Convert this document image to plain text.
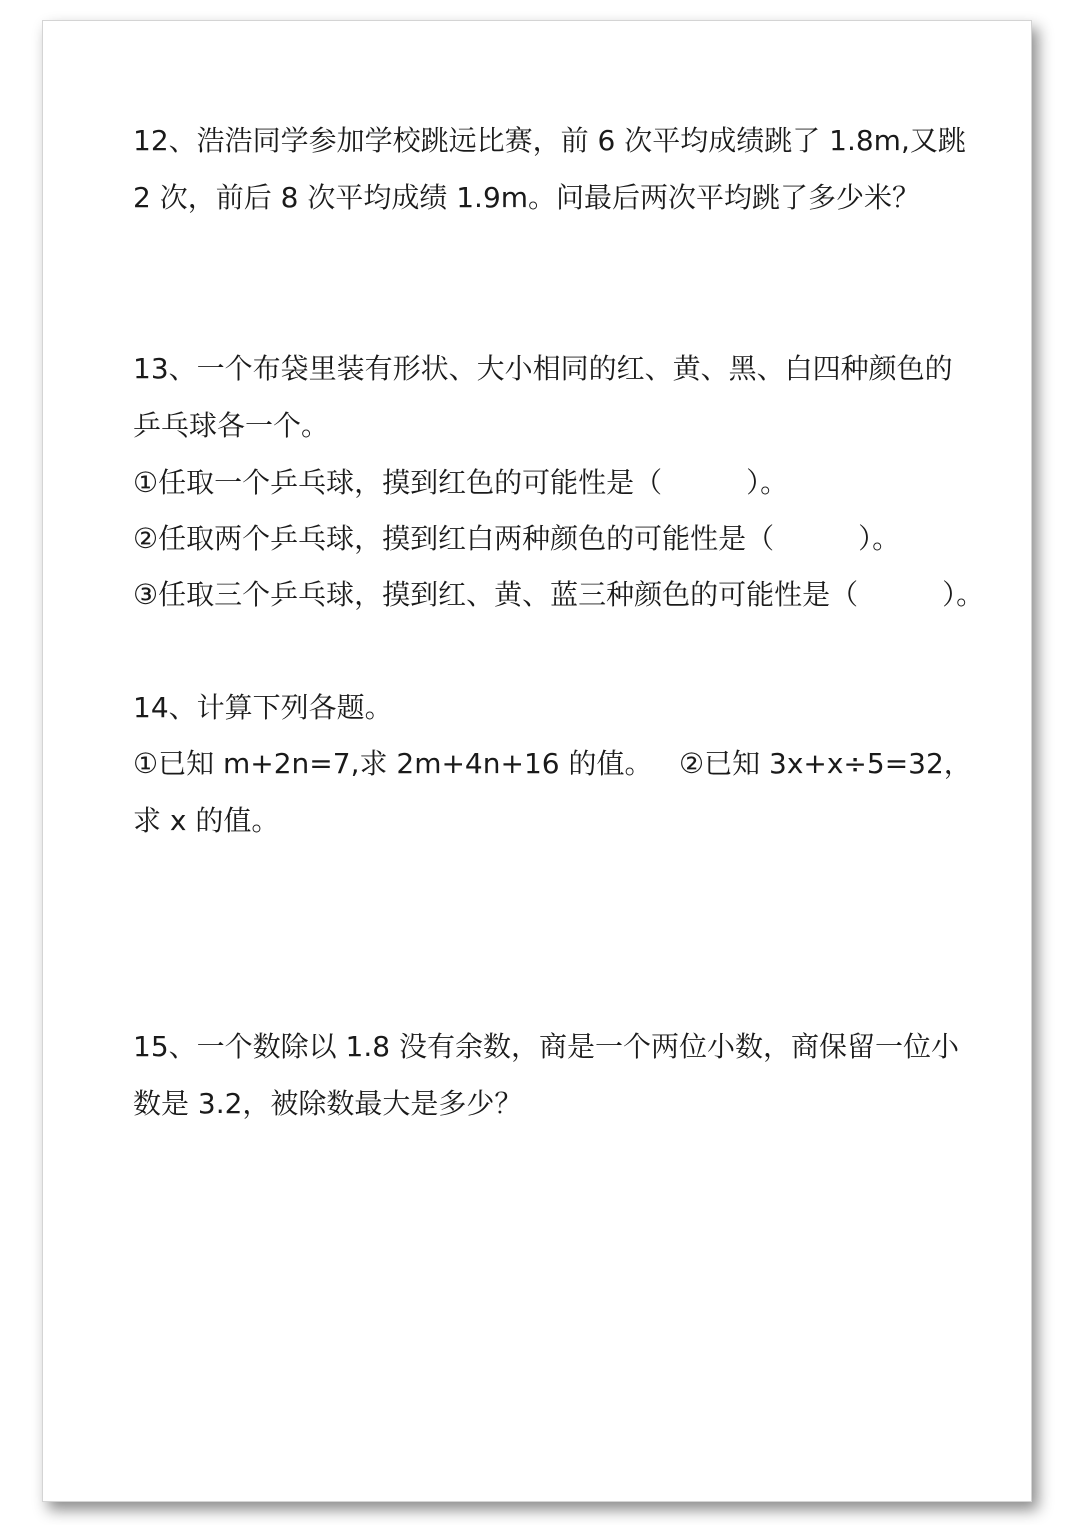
12、浩浩同学参加学校跳远比赛，前 6 次平均成绩跳了 1.8m,又跳
2 次，前后 8 次平均成绩 1.9m。问最后两次平均跳了多少米？
13、一个布袋里装有形状、大小相同的红、黄、黑、白四种颜色的
乒乓球各一个。
①任取一个乒乓球，摸到红色的可能性是（　　　）。
②任取两个乒乓球，摸到红白两种颜色的可能性是（　　　）。
③任取三个乒乓球，摸到红、黄、蓝三种颜色的可能性是（　　　）。
14、计算下列各题。
①已知 m+2n=7,求 2m+4n+16 的值。 ②已知 3x+x÷5=32，
求 x 的值。
15、一个数除以 1.8 没有余数，商是一个两位小数，商保留一位小
数是 3.2，被除数最大是多少？
